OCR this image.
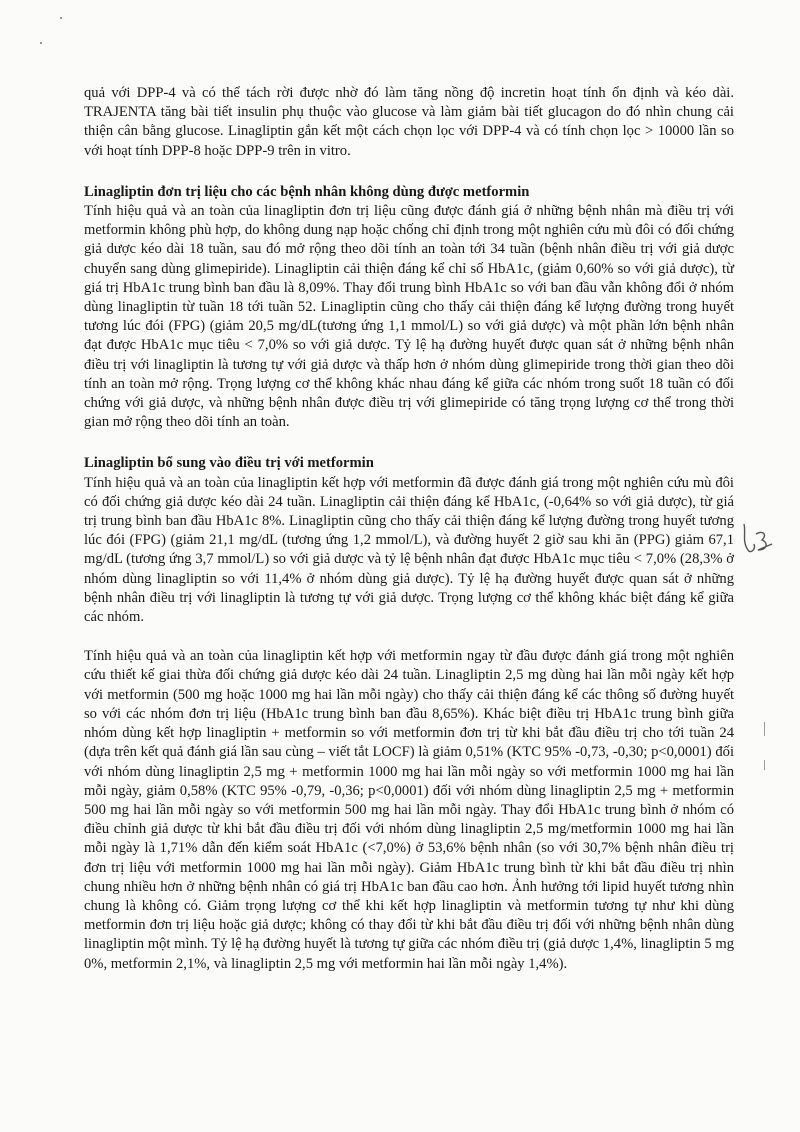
quả với DPP-4 và có thể tách rời được nhờ đó làm tăng nồng độ incretin hoạt tính ổn định và kéo dài. TRAJENTA tăng bài tiết insulin phụ thuộc vào glucose và làm giảm bài tiết glucagon do đó nhìn chung cải thiện cân bằng glucose. Linagliptin gắn kết một cách chọn lọc với DPP-4 và có tính chọn lọc > 10000 lần so với hoạt tính DPP-8 hoặc DPP-9 trên in vitro.

Linagliptin đơn trị liệu cho các bệnh nhân không dùng được metformin

Tính hiệu quả và an toàn của linagliptin đơn trị liệu cũng được đánh giá ở những bệnh nhân mà điều trị với metformin không phù hợp, do không dung nạp hoặc chống chỉ định trong một nghiên cứu mù đôi có đối chứng giả dược kéo dài 18 tuần, sau đó mở rộng theo dõi tính an toàn tới 34 tuần (bệnh nhân điều trị với giả dược chuyển sang dùng glimepiride). Linagliptin cải thiện đáng kể chỉ số HbA1c, (giảm 0,60% so với giả dược), từ giá trị HbA1c trung bình ban đầu là 8,09%. Thay đổi trung bình HbA1c so với ban đầu vẫn không đổi ở nhóm dùng linagliptin từ tuần 18 tới tuần 52. Linagliptin cũng cho thấy cải thiện đáng kể lượng đường trong huyết tương lúc đói (FPG) (giảm 20,5 mg/dL(tương ứng 1,1 mmol/L) so với giả dược) và một phần lớn bệnh nhân đạt được HbA1c mục tiêu < 7,0% so với giả dược. Tỷ lệ hạ đường huyết được quan sát ở những bệnh nhân điều trị với linagliptin là tương tự với giả dược và thấp hơn ở nhóm dùng glimepiride trong thời gian theo dõi tính an toàn mở rộng. Trọng lượng cơ thể không khác nhau đáng kể giữa các nhóm trong suốt 18 tuần có đối chứng với giả dược, và những bệnh nhân được điều trị với glimepiride có tăng trọng lượng cơ thể trong thời gian mở rộng theo dõi tính an toàn.

Linagliptin bổ sung vào điều trị với metformin

Tính hiệu quả và an toàn của linagliptin kết hợp với metformin đã được đánh giá trong một nghiên cứu mù đôi có đối chứng giả dược kéo dài 24 tuần. Linagliptin cải thiện đáng kể HbA1c, (-0,64% so với giả dược), từ giá trị trung bình ban đầu HbA1c 8%. Linagliptin cũng cho thấy cải thiện đáng kể lượng đường trong huyết tương lúc đói (FPG) (giảm 21,1 mg/dL (tương ứng 1,2 mmol/L), và đường huyết 2 giờ sau khi ăn (PPG) giảm 67,1 mg/dL (tương ứng 3,7 mmol/L) so với giả dược và tỷ lệ bệnh nhân đạt được HbA1c mục tiêu < 7,0% (28,3% ở nhóm dùng linagliptin so với 11,4% ở nhóm dùng giả dược). Tỷ lệ hạ đường huyết được quan sát ở những bệnh nhân điều trị với linagliptin là tương tự với giả dược. Trọng lượng cơ thể không khác biệt đáng kể giữa các nhóm.

Tính hiệu quả và an toàn của linagliptin kết hợp với metformin ngay từ đầu được đánh giá trong một nghiên cứu thiết kế giai thừa đối chứng giả dược kéo dài 24 tuần. Linagliptin 2,5 mg dùng hai lần mỗi ngày kết hợp với metformin (500 mg hoặc 1000 mg hai lần mỗi ngày) cho thấy cải thiện đáng kể các thông số đường huyết so với các nhóm đơn trị liệu (HbA1c trung bình ban đầu 8,65%). Khác biệt điều trị HbA1c trung bình giữa nhóm dùng kết hợp linagliptin + metformin so với metformin đơn trị từ khi bắt đầu điều trị cho tới tuần 24 (dựa trên kết quả đánh giá lần sau cùng – viết tắt LOCF) là giảm 0,51% (KTC 95% -0,73, -0,30; p<0,0001) đối với nhóm dùng linagliptin 2,5 mg + metformin 1000 mg hai lần mỗi ngày so với metformin 1000 mg hai lần mỗi ngày, giảm 0,58% (KTC 95% -0,79, -0,36; p<0,0001) đối với nhóm dùng linagliptin 2,5 mg + metformin 500 mg hai lần mỗi ngày so với metformin 500 mg hai lần mỗi ngày. Thay đổi HbA1c trung bình ở nhóm có điều chỉnh giả dược từ khi bắt đầu điều trị đối với nhóm dùng linagliptin 2,5 mg/metformin 1000 mg hai lần mỗi ngày là 1,71% dẫn đến kiểm soát HbA1c (<7,0%) ở 53,6% bệnh nhân (so với 30,7% bệnh nhân điều trị đơn trị liệu với metformin 1000 mg hai lần mỗi ngày). Giảm HbA1c trung bình từ khi bắt đầu điều trị nhìn chung nhiều hơn ở những bệnh nhân có giá trị HbA1c ban đầu cao hơn. Ảnh hưởng tới lipid huyết tương nhìn chung là không có. Giảm trọng lượng cơ thể khi kết hợp linagliptin và metformin tương tự như khi dùng metformin đơn trị liệu hoặc giả dược; không có thay đổi từ khi bắt đầu điều trị đối với những bệnh nhân dùng linagliptin một mình. Tỷ lệ hạ đường huyết là tương tự giữa các nhóm điều trị (giả dược 1,4%, linagliptin 5 mg 0%, metformin 2,1%, và linagliptin 2,5 mg với metformin hai lần mỗi ngày 1,4%).
